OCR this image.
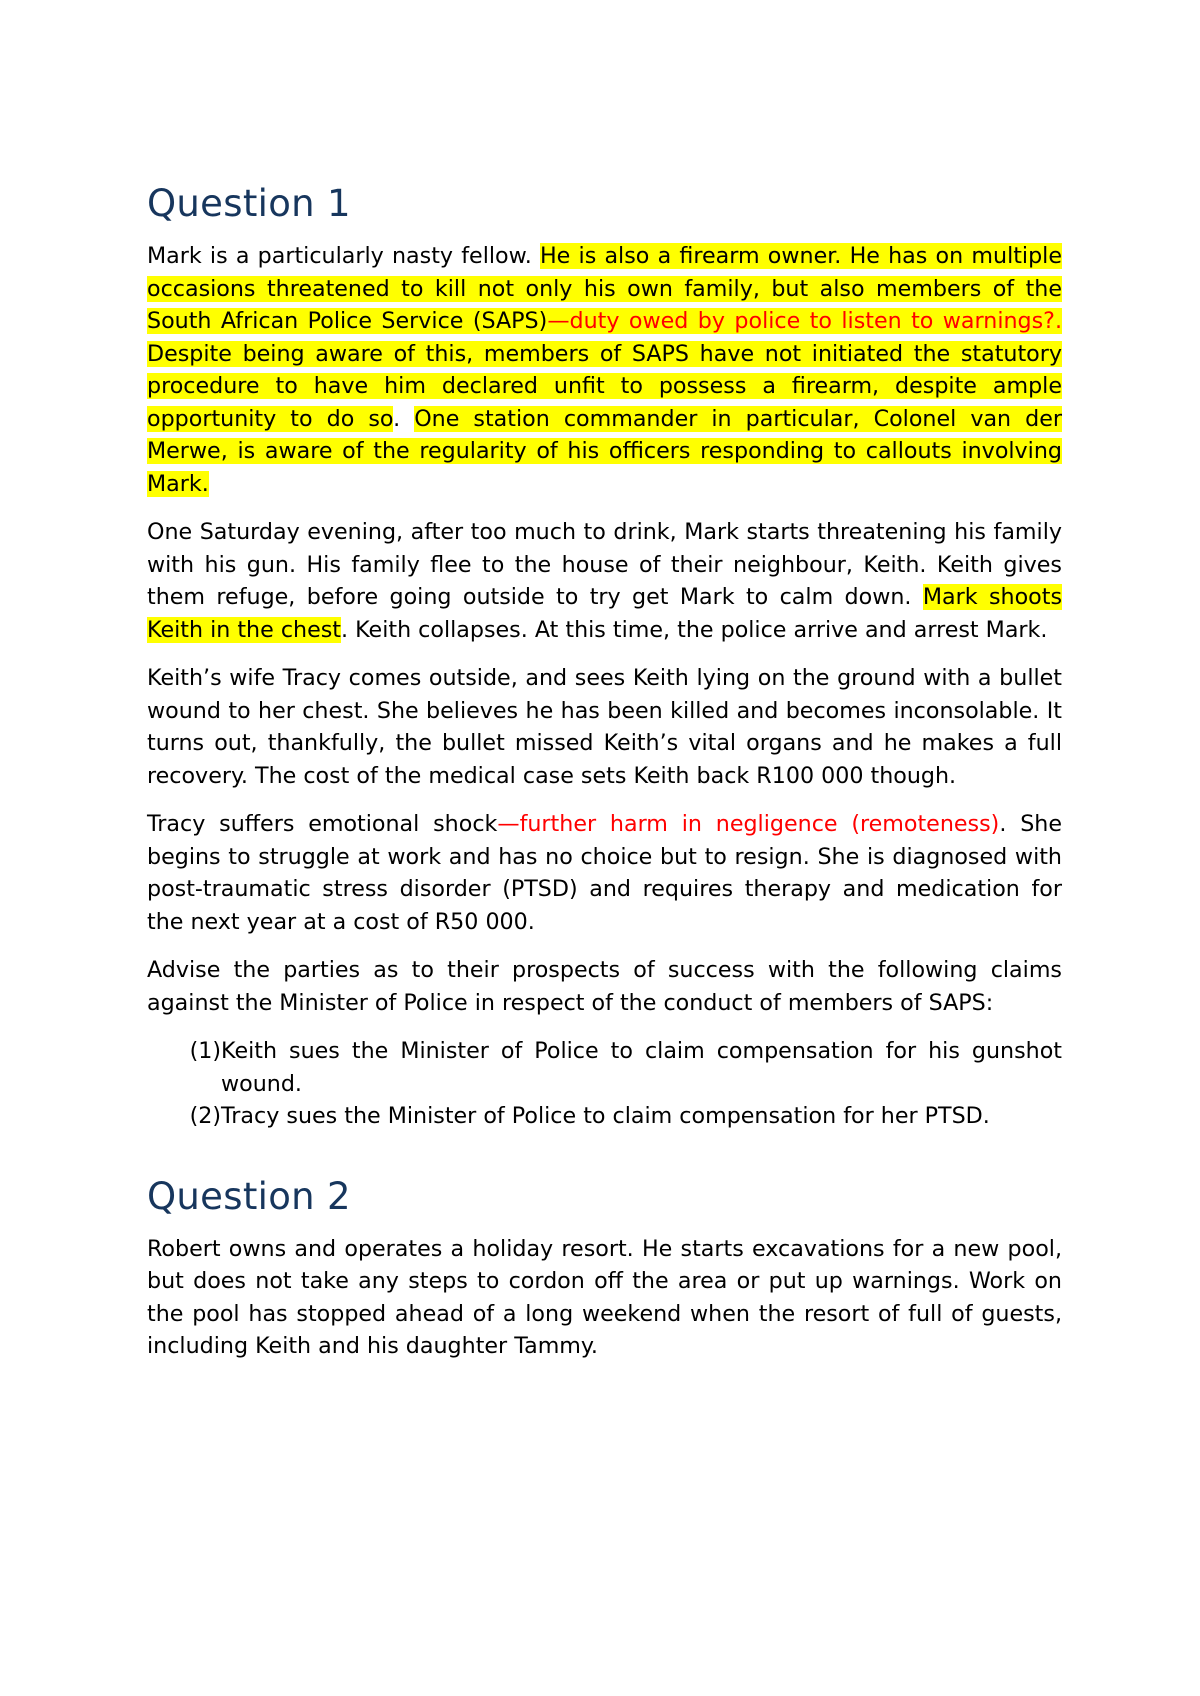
Question 1

Mark is a particularly nasty fellow. He is also a firearm owner. He has on multiple occasions threatened to kill not only his own family, but also members of the South African Police Service (SAPS)—duty owed by police to listen to warnings?. Despite being aware of this, members of SAPS have not initiated the statutory procedure to have him declared unfit to possess a firearm, despite ample opportunity to do so. One station commander in particular, Colonel van der Merwe, is aware of the regularity of his officers responding to callouts involving Mark.

One Saturday evening, after too much to drink, Mark starts threatening his family with his gun. His family flee to the house of their neighbour, Keith. Keith gives them refuge, before going outside to try get Mark to calm down. Mark shoots Keith in the chest. Keith collapses. At this time, the police arrive and arrest Mark.

Keith’s wife Tracy comes outside, and sees Keith lying on the ground with a bullet wound to her chest. She believes he has been killed and becomes inconsolable. It turns out, thankfully, the bullet missed Keith’s vital organs and he makes a full recovery. The cost of the medical case sets Keith back R100 000 though.

Tracy suffers emotional shock—further harm in negligence (remoteness). She begins to struggle at work and has no choice but to resign. She is diagnosed with post-traumatic stress disorder (PTSD) and requires therapy and medication for the next year at a cost of R50 000.

Advise the parties as to their prospects of success with the following claims against the Minister of Police in respect of the conduct of members of SAPS:

(1) Keith sues the Minister of Police to claim compensation for his gunshot wound.
(2) Tracy sues the Minister of Police to claim compensation for her PTSD.
Question 2

Robert owns and operates a holiday resort. He starts excavations for a new pool, but does not take any steps to cordon off the area or put up warnings. Work on the pool has stopped ahead of a long weekend when the resort of full of guests, including Keith and his daughter Tammy.
